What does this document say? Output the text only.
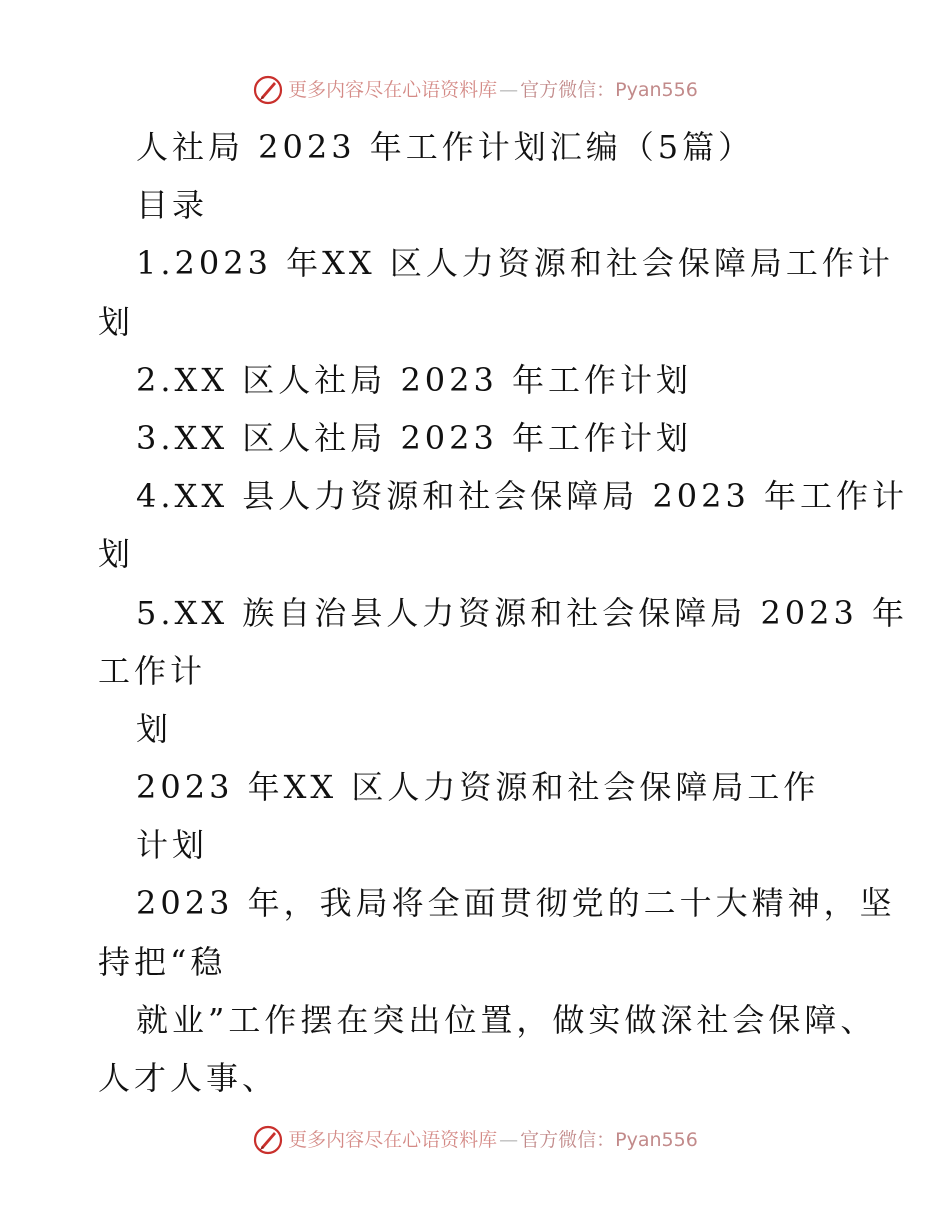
更多内容尽在心语资料库 — 官方微信：Pyan556
人社局 2023 年工作计划汇编（5篇）
目录
1.2023 年XX 区人力资源和社会保障局工作计
划
2.XX 区人社局 2023 年工作计划
3.XX 区人社局 2023 年工作计划
4.XX 县人力资源和社会保障局 2023 年工作计
划
5.XX 族自治县人力资源和社会保障局 2023 年
工作计
划
2023 年XX 区人力资源和社会保障局工作
计划
2023 年，我局将全面贯彻党的二十大精神，坚
持把“稳
就业”工作摆在突出位置，做实做深社会保障、
人才人事、
更多内容尽在心语资料库 — 官方微信：Pyan556
